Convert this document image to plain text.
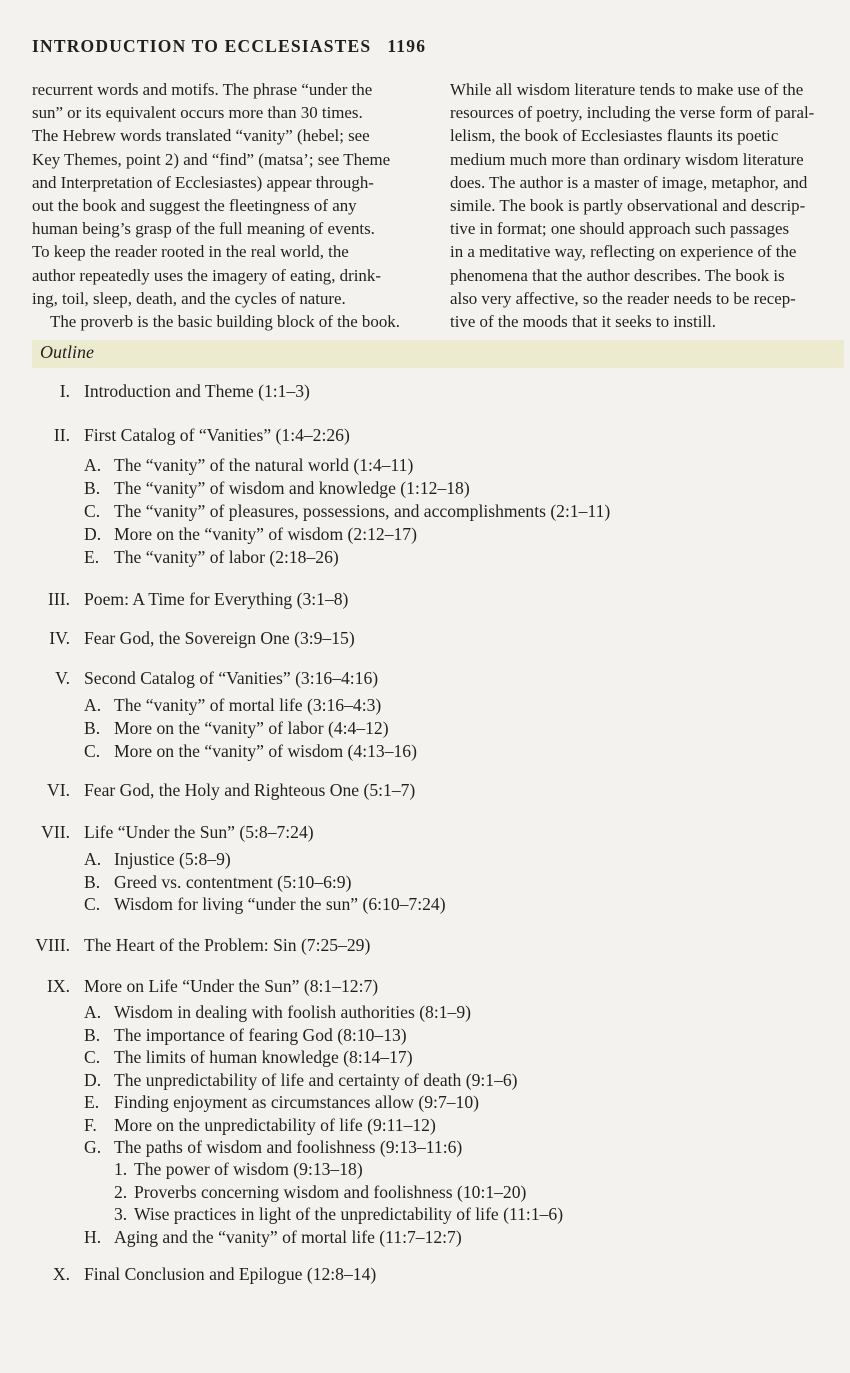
INTRODUCTION TO ECCLESIASTES 1196

recurrent words and motifs. The phrase “under the
sun” or its equivalent occurs more than 30 times.
The Hebrew words translated “vanity” (hebel; see
Key Themes, point 2) and “find” (matsa’; see Theme
and Interpretation of Ecclesiastes) appear through-
out the book and suggest the fleetingness of any
human being’s grasp of the full meaning of events.
To keep the reader rooted in the real world, the
author repeatedly uses the imagery of eating, drink-
ing, toil, sleep, death, and the cycles of nature.

The proverb is the basic building block of the book.

While all wisdom literature tends to make use of the
resources of poetry, including the verse form of paral-
lelism, the book of Ecclesiastes flaunts its poetic
medium much more than ordinary wisdom literature
does. The author is a master of image, metaphor, and
simile. The book is partly observational and descrip-
tive in format; one should approach such passages
in a meditative way, reflecting on experience of the
phenomena that the author describes. The book is
also very affective, so the reader needs to be recep-
tive of the moods that it seeks to instill.

Outline
I. Introduction and Theme (1:1–3)
II. First Catalog of “Vanities” (1:4–2:26)
A. The “vanity” of the natural world (1:4–11)
B. The “vanity” of wisdom and knowledge (1:12–18)
C. The “vanity” of pleasures, possessions, and accomplishments (2:1–11)
D. More on the “vanity” of wisdom (2:12–17)
E. The “vanity” of labor (2:18–26)
III. Poem: A Time for Everything (3:1–8)
IV. Fear God, the Sovereign One (3:9–15)
V. Second Catalog of “Vanities” (3:16–4:16)
A. The “vanity” of mortal life (3:16–4:3)
B. More on the “vanity” of labor (4:4–12)
C. More on the “vanity” of wisdom (4:13–16)
VI. Fear God, the Holy and Righteous One (5:1–7)
VII. Life “Under the Sun” (5:8–7:24)
A. Injustice (5:8–9)
B. Greed vs. contentment (5:10–6:9)
C. Wisdom for living “under the sun” (6:10–7:24)
VIII. The Heart of the Problem: Sin (7:25–29)
IX. More on Life “Under the Sun” (8:1–12:7)
A. Wisdom in dealing with foolish authorities (8:1–9)
B. The importance of fearing God (8:10–13)
C. The limits of human knowledge (8:14–17)
D. The unpredictability of life and certainty of death (9:1–6)
E. Finding enjoyment as circumstances allow (9:7–10)
F. More on the unpredictability of life (9:11–12)
G. The paths of wisdom and foolishness (9:13–11:6)
1. The power of wisdom (9:13–18)
2. Proverbs concerning wisdom and foolishness (10:1–20)
3. Wise practices in light of the unpredictability of life (11:1–6)
H. Aging and the “vanity” of mortal life (11:7–12:7)
X. Final Conclusion and Epilogue (12:8–14)
